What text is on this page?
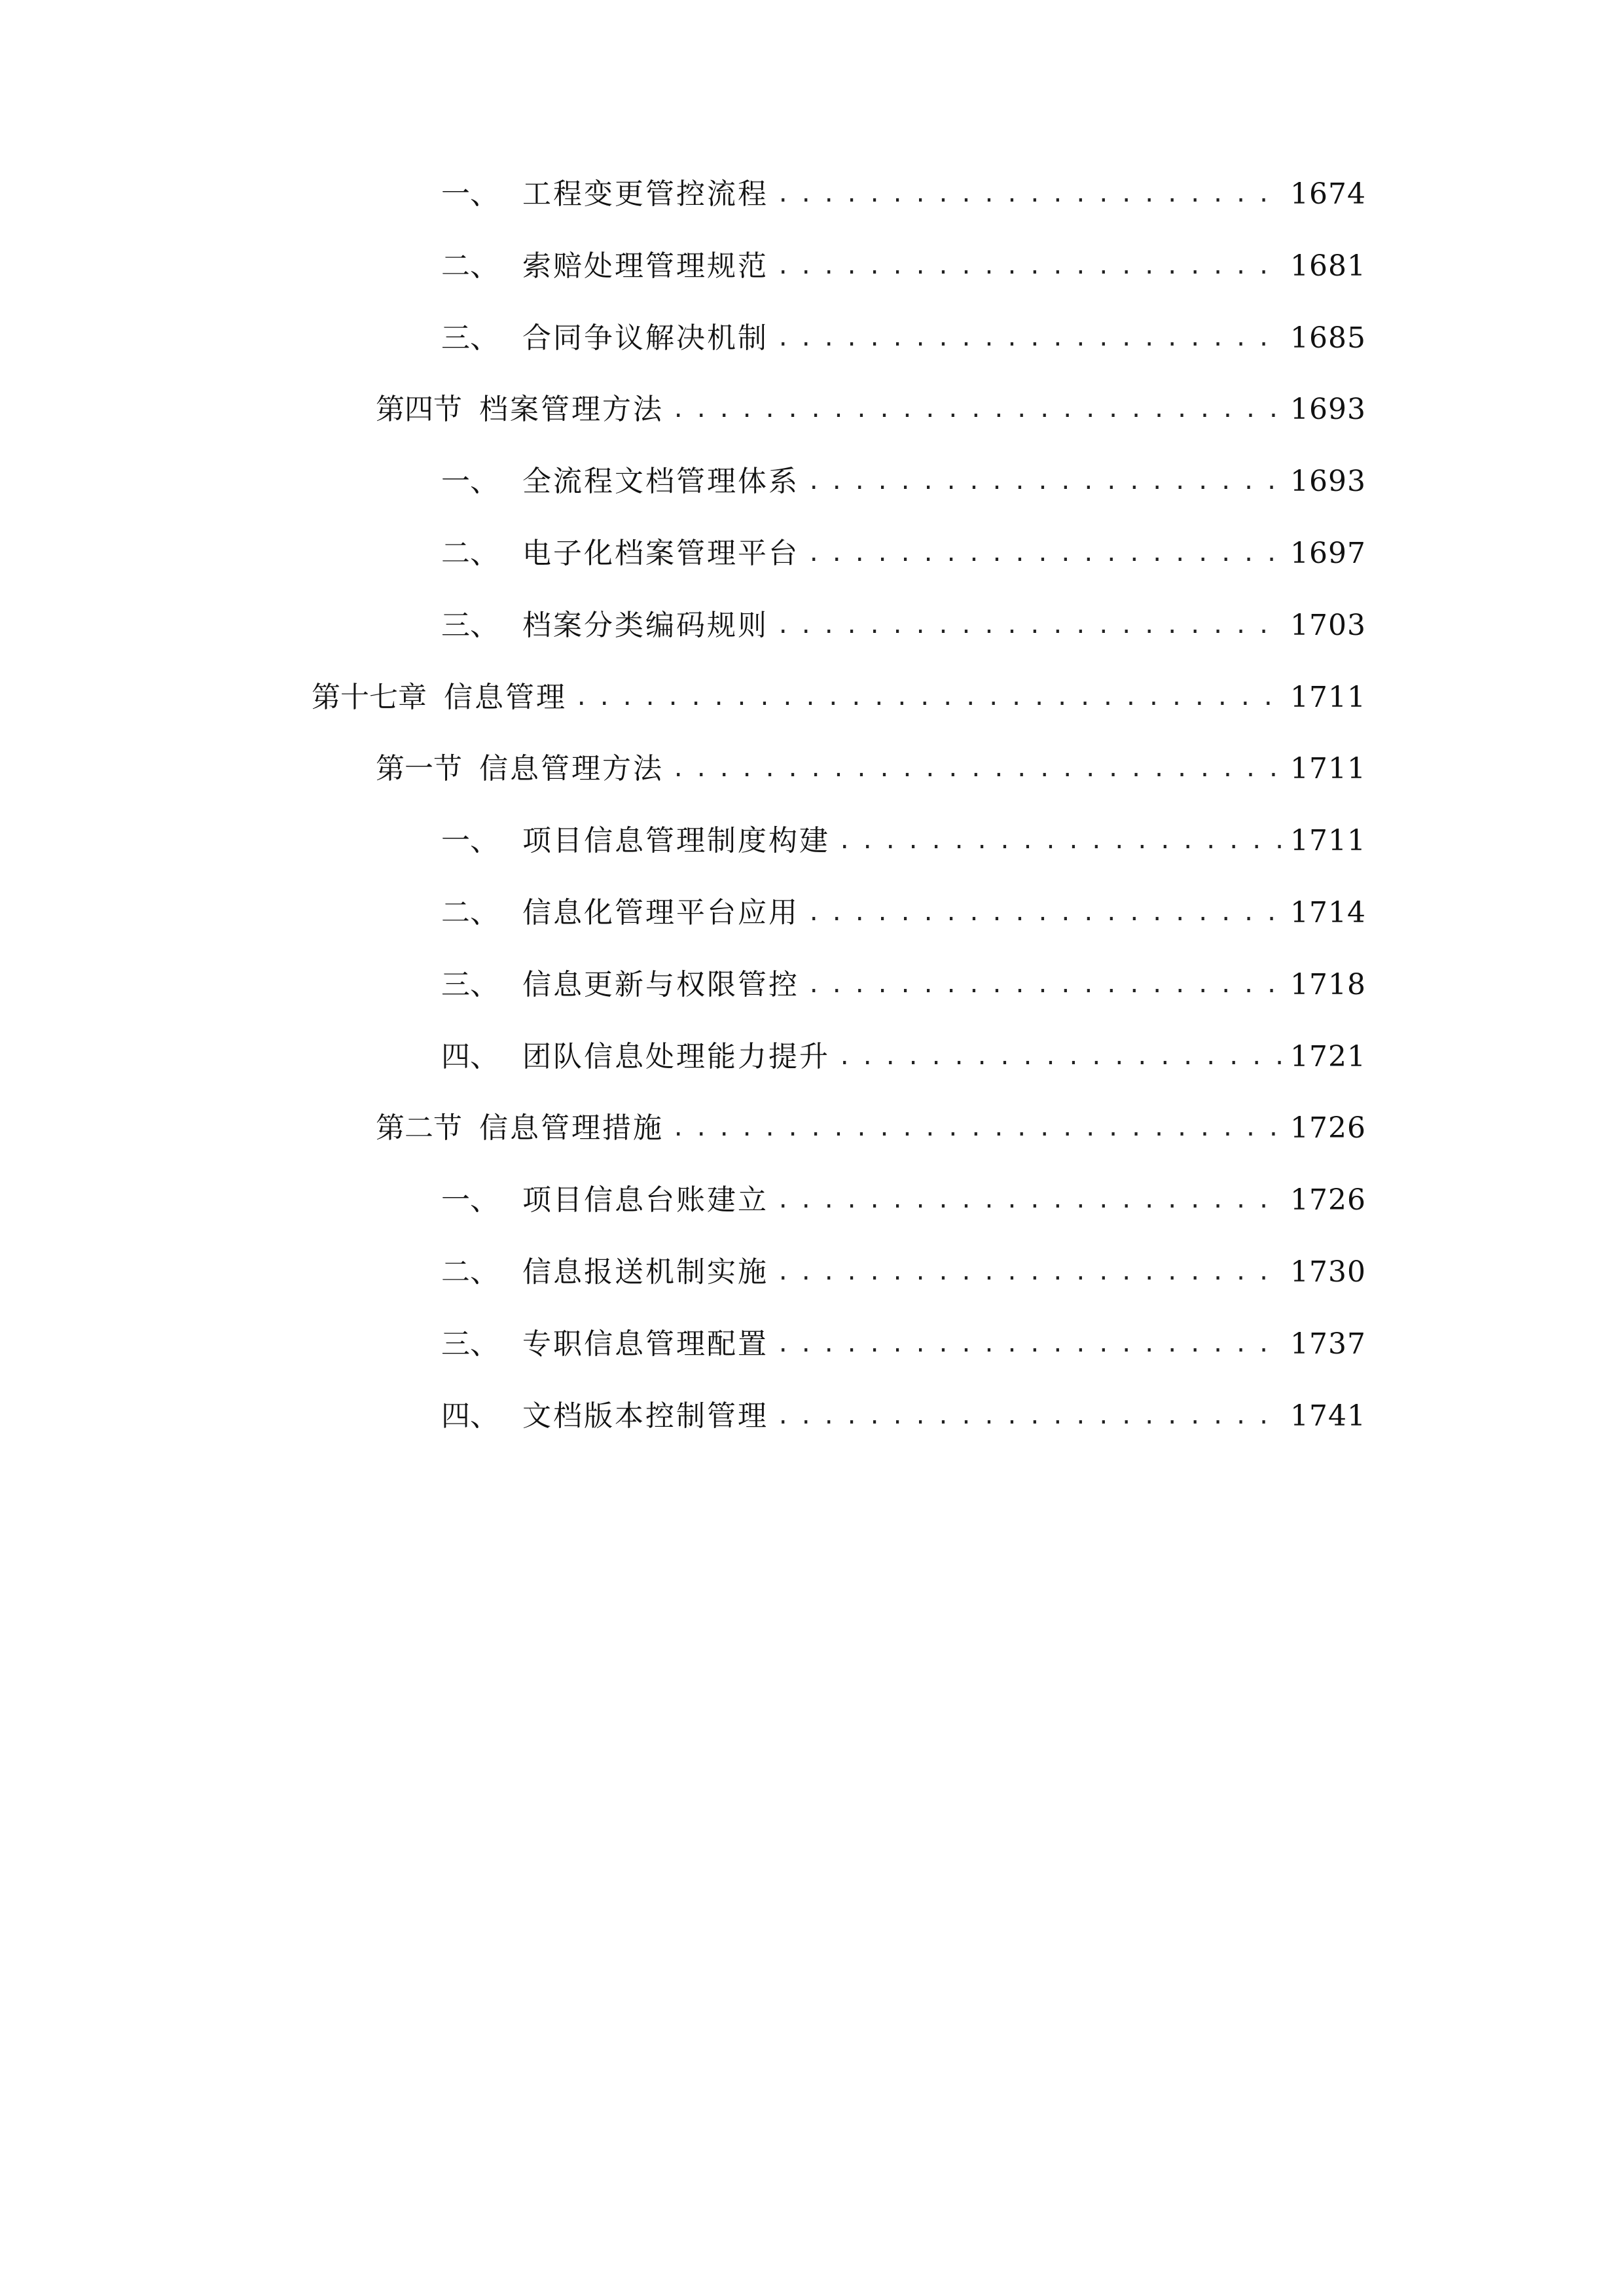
一、 工程变更管控流程 .....	1674
二、 索赔处理管理规范 .....	1681
三、 合同争议解决机制 .....	1685
第四节 档案管理方法 .....	1693
一、 全流程文档管理体系 .....	1693
二、 电子化档案管理平台 .....	1697
三、 档案分类编码规则 .....	1703
第十七章 信息管理 .....	1711
第一节 信息管理方法 .....	1711
一、 项目信息管理制度构建 .....	1711
二、 信息化管理平台应用 .....	1714
三、 信息更新与权限管控 .....	1718
四、 团队信息处理能力提升 .....	1721
第二节 信息管理措施 .....	1726
一、 项目信息台账建立 .....	1726
二、 信息报送机制实施 .....	1730
三、 专职信息管理配置 .....	1737
四、 文档版本控制管理 .....	1741
